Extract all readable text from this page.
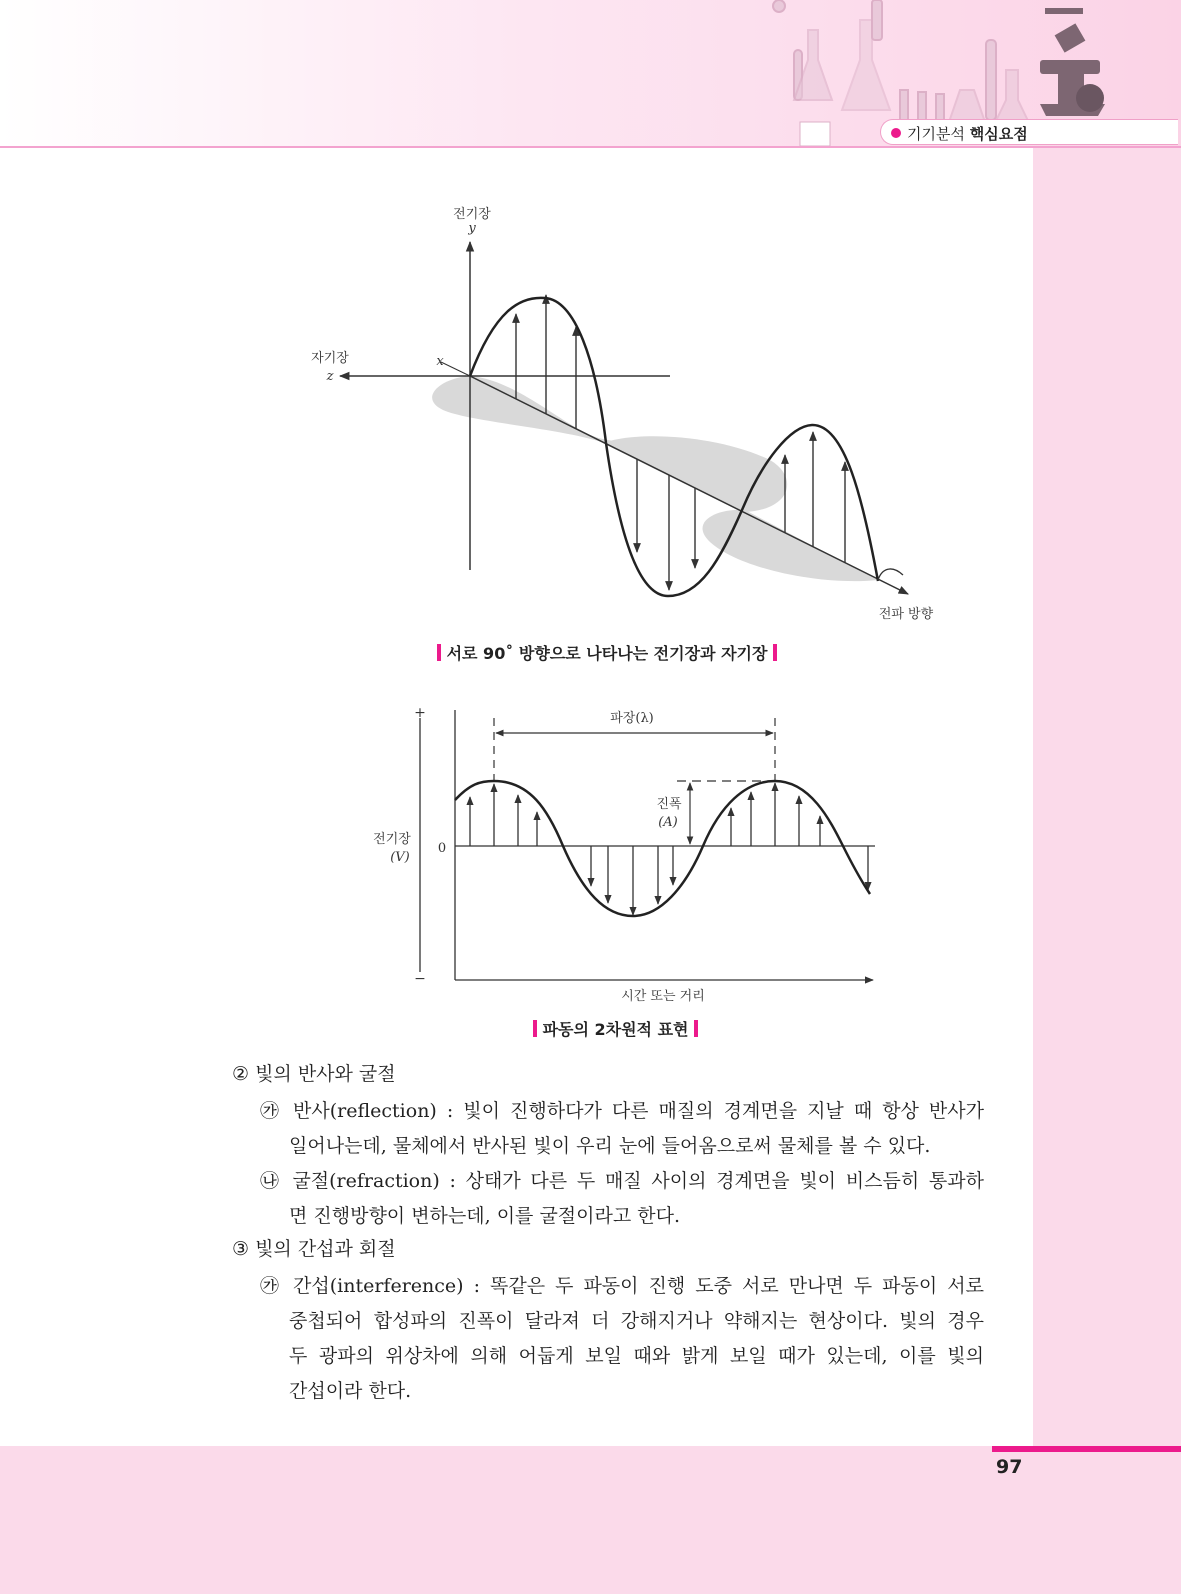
기기분석 핵심요점
97
전기장
y
자기장
z
x
전파 방향
서로 90˚ 방향으로 나타나는 전기장과 자기장
+
−
0
전기장
(V)
파장(λ)
진폭
(A)
시간 또는 거리
파동의 2차원적 표현
② 빛의 반사와 굴절
㉮ 반사(reflection) : 빛이 진행하다가 다른 매질의 경계면을 지날 때 항상 반사가
일어나는데, 물체에서 반사된 빛이 우리 눈에 들어옴으로써 물체를 볼 수 있다.
㉯ 굴절(refraction) : 상태가 다른 두 매질 사이의 경계면을 빛이 비스듬히 통과하
면 진행방향이 변하는데, 이를 굴절이라고 한다.
③ 빛의 간섭과 회절
㉮ 간섭(interference) : 똑같은 두 파동이 진행 도중 서로 만나면 두 파동이 서로
중첩되어 합성파의 진폭이 달라져 더 강해지거나 약해지는 현상이다. 빛의 경우
두 광파의 위상차에 의해 어둡게 보일 때와 밝게 보일 때가 있는데, 이를 빛의
간섭이라 한다.
